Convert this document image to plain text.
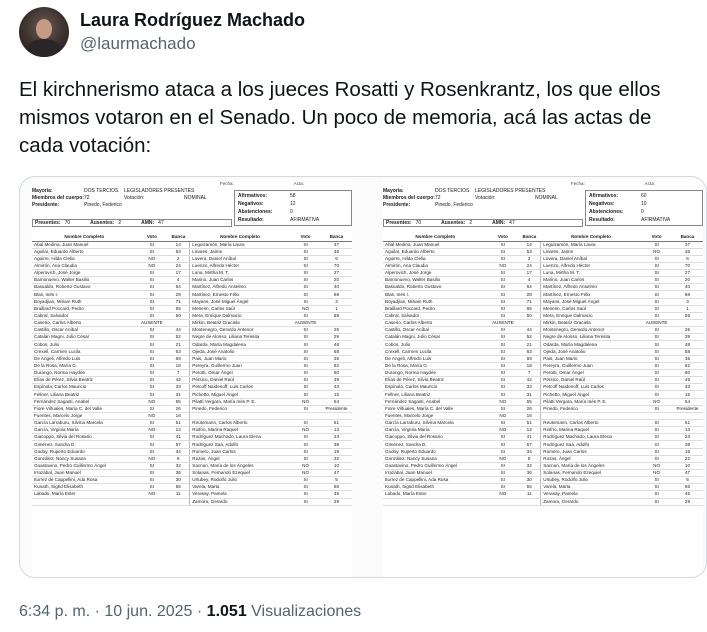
Laura Rodríguez Machado
@laurmachado
El kirchnerismo ataca a los jueces Rosatti y Rosenkrantz, los que ellos mismos votaron en el Senado. Un poco de memoria, acá las actas de cada votación:
Fecha:	Acta:
Mayoría:	DOS TERCIOS	LEGISLADORES PRESENTES
Miembros del cuerpo: 72	Votación:	NOMINAL
Presidente:	Pinedo, Federico
Afirmativos:	58
Negativos:	12
Abstenciones:	0
Resultado:	AFIRMATIVA
Presentes: 70	Ausentes: 2	AMN: 47
Nombre Completo	Voto	Banca	Nombre Completo	Voto	Banca
Abal Medina, Juan Manuel	SI	14	Leguizamón, María Laura	SI	37
Aguilar, Eduardo Alberto	SI	53	Linares, Jaime	SI	46
Aguirre, Hilda Clelia	NO	2	Lovera, Daniel Aníbal	SI	6
Almirón, Ana Claudia	NO	24	Luenzo, Alfredo Héctor	SI	70
Alperovich, José Jorge	SI	17	Luna, Mirtha M. T.	SI	27
Barrionuevo, Walter Basilio	SI	4	Marino, Juan Carlos	SI	20
Basualdo, Roberto Gustavo	SI	64	Martínez, Alfredo Anselmo	SI	40
Blas, Inés I.	SI	28	Martínez, Ernesto Félix	SI	68
Boyadjian, Miriam Ruth	SI	71	Mayans, José Miguel Ángel	SI	3
Braillard Poccard, Pedro	SI	65	Meneim, Carlos Saúl	NO	1
Cabral, Salvador	SI	50	Mera, Enrique Dalmacio	SI	59
Caserio, Carlos Alberto	AUSENTE		Mirkin, Beatriz Graciela	AUSENTE	
Castillo, Oscar Aníbal	SI	44	Montenegro, Gerardo Antenor	SI	25
Catalán Magni, Julio César	SI	52	Negre de Alonso, Liliana Teresita	SI	29
Cobos, Julio	SI	21	Odarda, María Magdalena	SI	48
Crexell, Carmen Lucila	SI	63	Ojeda, José Anatolio	SI	58
De Angeli, Alfredo Luis	SI	69	Pais, Juan Mario	SI	35
De la Rosa, María G.	SI	18	Pereyra, Guillermo Juan	SI	62
Durango, Norma Haydée	SI	7	Perotti, Omar Ángel	SI	60
Elías de Pérez, Silvia Beatriz	SI	42	Pérsico, Daniel Raúl	SI	49
Espínola, Carlos Mauricio	SI	33	Petcoff Naidenoff, Luis Carlos	SI	43
Fellner, Liliana Beatriz	SI	31	Pichetto, Miguel Ángel	SI	15
Fernández Sagasti, Anabel	NO	55	Pilatti Vergara, María Inés P. E.	NO	54
Fiore Viñuales, María C. del Valle	SI	26	Pinedo, Federico	SI	Presidente
Fuentes, Marcelo Jorge	NO	16			
García Larraburu, Silvina Marcela	SI	51	Reutemann, Carlos Alberto	SI	61
García, Virginia María	NO	12	Riofrio, Marina Raquel	NO	13
Giacoppo, Silvia del Rosario	SI	41	Rodríguez Machado, Laura Elena	SI	23
Giménez, Sandra D.	SI	57	Rodríguez Saá, Adolfo	SI	38
Godoy, Ruperto Eduardo	SI	34	Romero, Juan Carlos	SI	19
González, Nancy Susana	NO	9	Rozas, Ángel	SI	22
Guastavino, Pedro Guillermo Ángel	SI	32	Sacnun, María de los Ángeles	NO	10
Irrazábal, Juan Manuel	SI	36	Solanas, Fernando Ezequiel	NO	47
Iturrez de Cappellini, Ada Rosa	SI	30	Urtubey, Rodolfo Julio	SI	5
Kunath, Sigrid Elisabeth	SI	56	Varela, Marta	SI	66
Labado, María Ester	NO	11	Verasay, Pamela	SI	45
			Zamora, Gerardo	SI	29
Fecha:	Acta:
Mayoría:	DOS TERCIOS	LEGISLADORES PRESENTES
Miembros del cuerpo: 72	Votación:	NOMINAL
Presidente:	Pinedo, Federico
Afirmativos:	60
Negativos:	10
Abstenciones:	0
Resultado:	AFIRMATIVA
Presentes: 70	Ausentes: 2	AMN: 47
Nombre Completo	Voto	Banca	Nombre Completo	Voto	Banca
Abal Medina, Juan Manuel	SI	14	Leguizamón, María Laura	SI	37
Aguilar, Eduardo Alberto	SI	53	Linares, Jaime	NO	46
Aguirre, Hilda Clelia	SI	2	Lovera, Daniel Aníbal	SI	6
Almirón, Ana Claudia	NO	24	Luenzo, Alfredo Héctor	SI	70
Alperovich, José Jorge	SI	17	Luna, Mirtha M. T.	SI	27
Barrionuevo, Walter Basilio	SI	4	Marino, Juan Carlos	SI	20
Basualdo, Roberto Gustavo	SI	64	Martínez, Alfredo Anselmo	SI	40
Blas, Inés I.	SI	28	Martínez, Ernesto Félix	SI	68
Boyadjian, Miriam Ruth	SI	71	Mayans, José Miguel Ángel	SI	3
Braillard Poccard, Pedro	SI	65	Meneim, Carlos Saúl	SI	1
Cabral, Salvador	SI	50	Mera, Enrique Dalmacio	SI	59
Caserio, Carlos Alberto	AUSENTE		Mirkin, Beatriz Graciela	AUSENTE	
Castillo, Oscar Aníbal	SI	44	Montenegro, Gerardo Antenor	SI	25
Catalán Magni, Julio César	SI	52	Negre de Alonso, Liliana Teresita	SI	39
Cobos, Julio	SI	21	Odarda, María Magdalena	SI	48
Crexell, Carmen Lucila	SI	63	Ojeda, José Anatolio	SI	58
De Angeli, Alfredo Luis	SI	69	Pais, Juan Mario	SI	35
De la Rosa, María G.	SI	18	Pereyra, Guillermo Juan	SI	62
Durango, Norma Haydée	SI	7	Perotti, Omar Ángel	SI	60
Elías de Pérez, Silvia Beatriz	SI	42	Pérsico, Daniel Raúl	SI	49
Espínola, Carlos Mauricio	SI	33	Petcoff Naidenoff, Luis Carlos	SI	43
Fellner, Liliana Beatriz	SI	31	Pichetto, Miguel Ángel	SI	15
Fernández Sagasti, Anabel	NO	55	Pilatti Vergara, María Inés P. E.	NO	54
Fiore Viñuales, María C. del Valle	SI	26	Pinedo, Federico	SI	Presidente
Fuentes, Marcelo Jorge	NO	16			
García Larraburu, Silvina Marcela	SI	51	Reutemann, Carlos Alberto	SI	61
García, Virginia María	NO	12	Riofrio, Marina Raquel	SI	13
Giacoppo, Silvia del Rosario	SI	41	Rodríguez Machado, Laura Elena	SI	23
Giménez, Sandra D.	SI	57	Rodríguez Saá, Adolfo	SI	38
Godoy, Ruperto Eduardo	SI	34	Romero, Juan Carlos	SI	19
González, Nancy Susana	NO	9	Rozas, Ángel	SI	22
Guastavino, Pedro Guillermo Ángel	SI	32	Sacnun, María de los Ángeles	NO	10
Irrazábal, Juan Manuel	SI	36	Solanas, Fernando Ezequiel	NO	47
Iturrez de Cappellini, Ada Rosa	SI	30	Urtubey, Rodolfo Julio	SI	5
Kunath, Sigrid Elisabeth	SI	56	Varela, Marta	SI	66
Labado, María Ester	NO	11	Verasay, Pamela	SI	45
			Zamora, Gerardo	SI	29
6:34 p. m. · 10 jun. 2025 · 1.051 Visualizaciones
